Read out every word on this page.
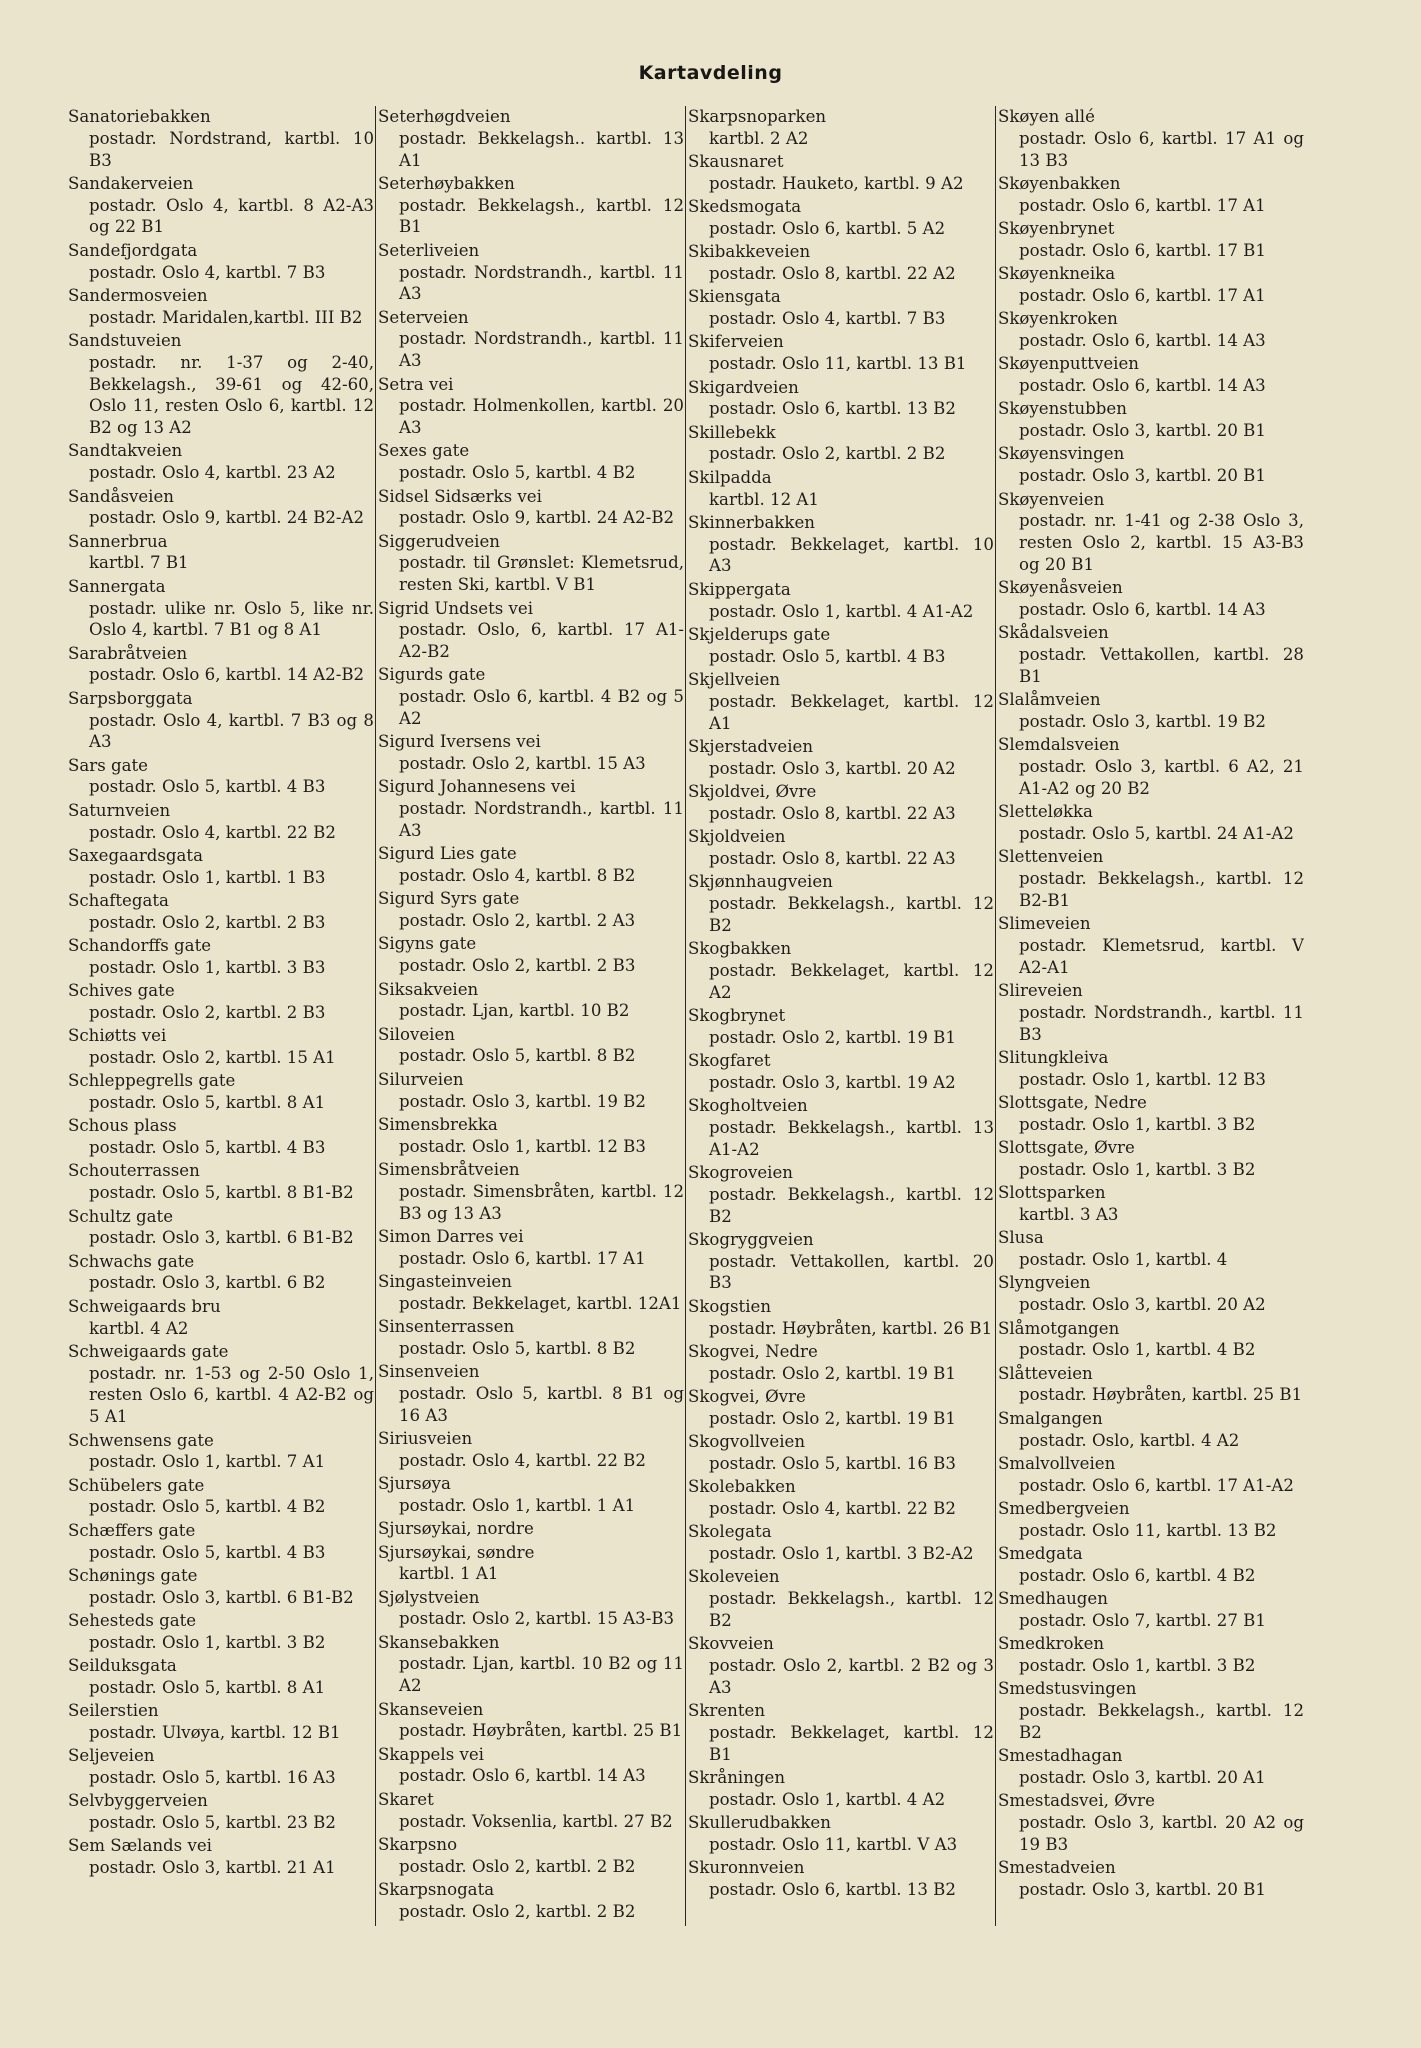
Kartavdeling
Sanatoriebakken
postadr. Nordstrand, kartbl. 10 B3
Sandakerveien
postadr. Oslo 4, kartbl. 8 A2-A3 og 22 B1
Sandefjordgata
postadr. Oslo 4, kartbl. 7 B3
Sandermosveien
postadr. Maridalen,kartbl. III B2
Sandstuveien
postadr. nr. 1-37 og 2-40, Bekkelagsh., 39-61 og 42-60, Oslo 11, resten Oslo 6, kartbl. 12 B2 og 13 A2
Sandtakveien
postadr. Oslo 4, kartbl. 23 A2
Sandåsveien
postadr. Oslo 9, kartbl. 24 B2-A2
Sannerbrua
kartbl. 7 B1
Sannergata
postadr. ulike nr. Oslo 5, like nr. Oslo 4, kartbl. 7 B1 og 8 A1
Sarabråtveien
postadr. Oslo 6, kartbl. 14 A2-B2
Sarpsborggata
postadr. Oslo 4, kartbl. 7 B3 og 8 A3
Sars gate
postadr. Oslo 5, kartbl. 4 B3
Saturnveien
postadr. Oslo 4, kartbl. 22 B2
Saxegaardsgata
postadr. Oslo 1, kartbl. 1 B3
Schaftegata
postadr. Oslo 2, kartbl. 2 B3
Schandorffs gate
postadr. Oslo 1, kartbl. 3 B3
Schives gate
postadr. Oslo 2, kartbl. 2 B3
Schiøtts vei
postadr. Oslo 2, kartbl. 15 A1
Schleppegrells gate
postadr. Oslo 5, kartbl. 8 A1
Schous plass
postadr. Oslo 5, kartbl. 4 B3
Schouterrassen
postadr. Oslo 5, kartbl. 8 B1-B2
Schultz gate
postadr. Oslo 3, kartbl. 6 B1-B2
Schwachs gate
postadr. Oslo 3, kartbl. 6 B2
Schweigaards bru
kartbl. 4 A2
Schweigaards gate
postadr. nr. 1-53 og 2-50 Oslo 1, resten Oslo 6, kartbl. 4 A2-B2 og 5 A1
Schwensens gate
postadr. Oslo 1, kartbl. 7 A1
Schübelers gate
postadr. Oslo 5, kartbl. 4 B2
Schæffers gate
postadr. Oslo 5, kartbl. 4 B3
Schønings gate
postadr. Oslo 3, kartbl. 6 B1-B2
Sehesteds gate
postadr. Oslo 1, kartbl. 3 B2
Seilduksgata
postadr. Oslo 5, kartbl. 8 A1
Seilerstien
postadr. Ulvøya, kartbl. 12 B1
Seljeveien
postadr. Oslo 5, kartbl. 16 A3
Selvbyggerveien
postadr. Oslo 5, kartbl. 23 B2
Sem Sælands vei
postadr. Oslo 3, kartbl. 21 A1
Seterhøgdveien
postadr. Bekkelagsh.. kartbl. 13 A1
Seterhøybakken
postadr. Bekkelagsh., kartbl. 12 B1
Seterliveien
postadr. Nordstrandh., kartbl. 11 A3
Seterveien
postadr. Nordstrandh., kartbl. 11 A3
Setra vei
postadr. Holmenkollen, kartbl. 20 A3
Sexes gate
postadr. Oslo 5, kartbl. 4 B2
Sidsel Sidsærks vei
postadr. Oslo 9, kartbl. 24 A2-B2
Siggerudveien
postadr. til Grønslet: Klemetsrud, resten Ski, kartbl. V B1
Sigrid Undsets vei
postadr. Oslo, 6, kartbl. 17 A1-A2-B2
Sigurds gate
postadr. Oslo 6, kartbl. 4 B2 og 5 A2
Sigurd Iversens vei
postadr. Oslo 2, kartbl. 15 A3
Sigurd Johannesens vei
postadr. Nordstrandh., kartbl. 11 A3
Sigurd Lies gate
postadr. Oslo 4, kartbl. 8 B2
Sigurd Syrs gate
postadr. Oslo 2, kartbl. 2 A3
Sigyns gate
postadr. Oslo 2, kartbl. 2 B3
Siksakveien
postadr. Ljan, kartbl. 10 B2
Siloveien
postadr. Oslo 5, kartbl. 8 B2
Silurveien
postadr. Oslo 3, kartbl. 19 B2
Simensbrekka
postadr. Oslo 1, kartbl. 12 B3
Simensbråtveien
postadr. Simensbråten, kartbl. 12 B3 og 13 A3
Simon Darres vei
postadr. Oslo 6, kartbl. 17 A1
Singasteinveien
postadr. Bekkelaget, kartbl. 12A1
Sinsenterrassen
postadr. Oslo 5, kartbl. 8 B2
Sinsenveien
postadr. Oslo 5, kartbl. 8 B1 og 16 A3
Siriusveien
postadr. Oslo 4, kartbl. 22 B2
Sjursøya
postadr. Oslo 1, kartbl. 1 A1
Sjursøykai, nordre
Sjursøykai, søndre
kartbl. 1 A1
Sjølystveien
postadr. Oslo 2, kartbl. 15 A3-B3
Skansebakken
postadr. Ljan, kartbl. 10 B2 og 11 A2
Skanseveien
postadr. Høybråten, kartbl. 25 B1
Skappels vei
postadr. Oslo 6, kartbl. 14 A3
Skaret
postadr. Voksenlia, kartbl. 27 B2
Skarpsno
postadr. Oslo 2, kartbl. 2 B2
Skarpsnogata
postadr. Oslo 2, kartbl. 2 B2
Skarpsnoparken
kartbl. 2 A2
Skausnaret
postadr. Hauketo, kartbl. 9 A2
Skedsmogata
postadr. Oslo 6, kartbl. 5 A2
Skibakkeveien
postadr. Oslo 8, kartbl. 22 A2
Skiensgata
postadr. Oslo 4, kartbl. 7 B3
Skiferveien
postadr. Oslo 11, kartbl. 13 B1
Skigardveien
postadr. Oslo 6, kartbl. 13 B2
Skillebekk
postadr. Oslo 2, kartbl. 2 B2
Skilpadda
kartbl. 12 A1
Skinnerbakken
postadr. Bekkelaget, kartbl. 10 A3
Skippergata
postadr. Oslo 1, kartbl. 4 A1-A2
Skjelderups gate
postadr. Oslo 5, kartbl. 4 B3
Skjellveien
postadr. Bekkelaget, kartbl. 12 A1
Skjerstadveien
postadr. Oslo 3, kartbl. 20 A2
Skjoldvei, Øvre
postadr. Oslo 8, kartbl. 22 A3
Skjoldveien
postadr. Oslo 8, kartbl. 22 A3
Skjønnhaugveien
postadr. Bekkelagsh., kartbl. 12 B2
Skogbakken
postadr. Bekkelaget, kartbl. 12 A2
Skogbrynet
postadr. Oslo 2, kartbl. 19 B1
Skogfaret
postadr. Oslo 3, kartbl. 19 A2
Skogholtveien
postadr. Bekkelagsh., kartbl. 13 A1-A2
Skogroveien
postadr. Bekkelagsh., kartbl. 12 B2
Skogryggveien
postadr. Vettakollen, kartbl. 20 B3
Skogstien
postadr. Høybråten, kartbl. 26 B1
Skogvei, Nedre
postadr. Oslo 2, kartbl. 19 B1
Skogvei, Øvre
postadr. Oslo 2, kartbl. 19 B1
Skogvollveien
postadr. Oslo 5, kartbl. 16 B3
Skolebakken
postadr. Oslo 4, kartbl. 22 B2
Skolegata
postadr. Oslo 1, kartbl. 3 B2-A2
Skoleveien
postadr. Bekkelagsh., kartbl. 12 B2
Skovveien
postadr. Oslo 2, kartbl. 2 B2 og 3 A3
Skrenten
postadr. Bekkelaget, kartbl. 12 B1
Skråningen
postadr. Oslo 1, kartbl. 4 A2
Skullerudbakken
postadr. Oslo 11, kartbl. V A3
Skuronnveien
postadr. Oslo 6, kartbl. 13 B2
Skøyen allé
postadr. Oslo 6, kartbl. 17 A1 og 13 B3
Skøyenbakken
postadr. Oslo 6, kartbl. 17 A1
Skøyenbrynet
postadr. Oslo 6, kartbl. 17 B1
Skøyenkneika
postadr. Oslo 6, kartbl. 17 A1
Skøyenkroken
postadr. Oslo 6, kartbl. 14 A3
Skøyenputtveien
postadr. Oslo 6, kartbl. 14 A3
Skøyenstubben
postadr. Oslo 3, kartbl. 20 B1
Skøyensvingen
postadr. Oslo 3, kartbl. 20 B1
Skøyenveien
postadr. nr. 1-41 og 2-38 Oslo 3, resten Oslo 2, kartbl. 15 A3-B3 og 20 B1
Skøyenåsveien
postadr. Oslo 6, kartbl. 14 A3
Skådalsveien
postadr. Vettakollen, kartbl. 28 B1
Slalåmveien
postadr. Oslo 3, kartbl. 19 B2
Slemdalsveien
postadr. Oslo 3, kartbl. 6 A2, 21 A1-A2 og 20 B2
Sletteløkka
postadr. Oslo 5, kartbl. 24 A1-A2
Slettenveien
postadr. Bekkelagsh., kartbl. 12 B2-B1
Slimeveien
postadr. Klemetsrud, kartbl. V A2-A1
Slireveien
postadr. Nordstrandh., kartbl. 11 B3
Slitungkleiva
postadr. Oslo 1, kartbl. 12 B3
Slottsgate, Nedre
postadr. Oslo 1, kartbl. 3 B2
Slottsgate, Øvre
postadr. Oslo 1, kartbl. 3 B2
Slottsparken
kartbl. 3 A3
Slusa
postadr. Oslo 1, kartbl. 4
Slyngveien
postadr. Oslo 3, kartbl. 20 A2
Slåmotgangen
postadr. Oslo 1, kartbl. 4 B2
Slåtteveien
postadr. Høybråten, kartbl. 25 B1
Smalgangen
postadr. Oslo, kartbl. 4 A2
Smalvollveien
postadr. Oslo 6, kartbl. 17 A1-A2
Smedbergveien
postadr. Oslo 11, kartbl. 13 B2
Smedgata
postadr. Oslo 6, kartbl. 4 B2
Smedhaugen
postadr. Oslo 7, kartbl. 27 B1
Smedkroken
postadr. Oslo 1, kartbl. 3 B2
Smedstusvingen
postadr. Bekkelagsh., kartbl. 12 B2
Smestadhagan
postadr. Oslo 3, kartbl. 20 A1
Smestadsvei, Øvre
postadr. Oslo 3, kartbl. 20 A2 og 19 B3
Smestadveien
postadr. Oslo 3, kartbl. 20 B1
